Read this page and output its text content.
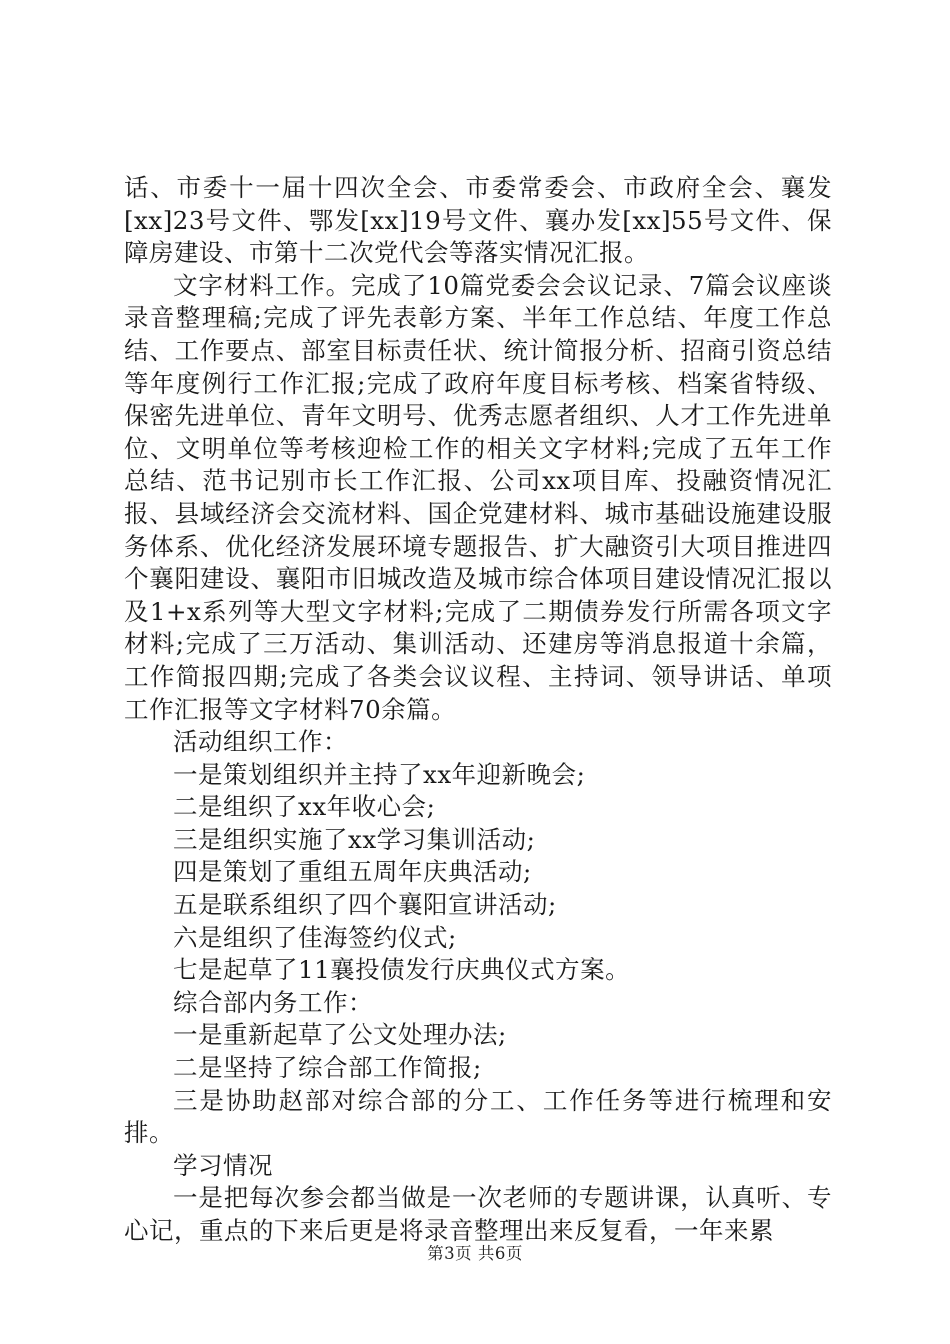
话、市委十一届十四次全会、市委常委会、市政府全会、襄发[xx]23号文件、鄂发[xx]19号文件、襄办发[xx]55号文件、保障房建设、市第十二次党代会等落实情况汇报。

文字材料工作。完成了10篇党委会会议记录、7篇会议座谈录音整理稿;完成了评先表彰方案、半年工作总结、年度工作总结、工作要点、部室目标责任状、统计简报分析、招商引资总结等年度例行工作汇报;完成了政府年度目标考核、档案省特级、保密先进单位、青年文明号、优秀志愿者组织、人才工作先进单位、文明单位等考核迎检工作的相关文字材料;完成了五年工作总结、范书记别市长工作汇报、公司xx项目库、投融资情况汇报、县域经济会交流材料、国企党建材料、城市基础设施建设服务体系、优化经济发展环境专题报告、扩大融资引大项目推进四个襄阳建设、襄阳市旧城改造及城市综合体项目建设情况汇报以及1+x系列等大型文字材料;完成了二期债券发行所需各项文字材料;完成了三万活动、集训活动、还建房等消息报道十余篇，工作简报四期;完成了各类会议议程、主持词、领导讲话、单项工作汇报等文字材料70余篇。

活动组织工作：

一是策划组织并主持了xx年迎新晚会;

二是组织了xx年收心会;

三是组织实施了xx学习集训活动;

四是策划了重组五周年庆典活动;

五是联系组织了四个襄阳宣讲活动;

六是组织了佳海签约仪式;

七是起草了11襄投债发行庆典仪式方案。

综合部内务工作：

一是重新起草了公文处理办法;

二是坚持了综合部工作简报;

三是协助赵部对综合部的分工、工作任务等进行梳理和安排。

学习情况

一是把每次参会都当做是一次老师的专题讲课，认真听、专心记，重点的下来后更是将录音整理出来反复看，一年来累

第3页 共6页
